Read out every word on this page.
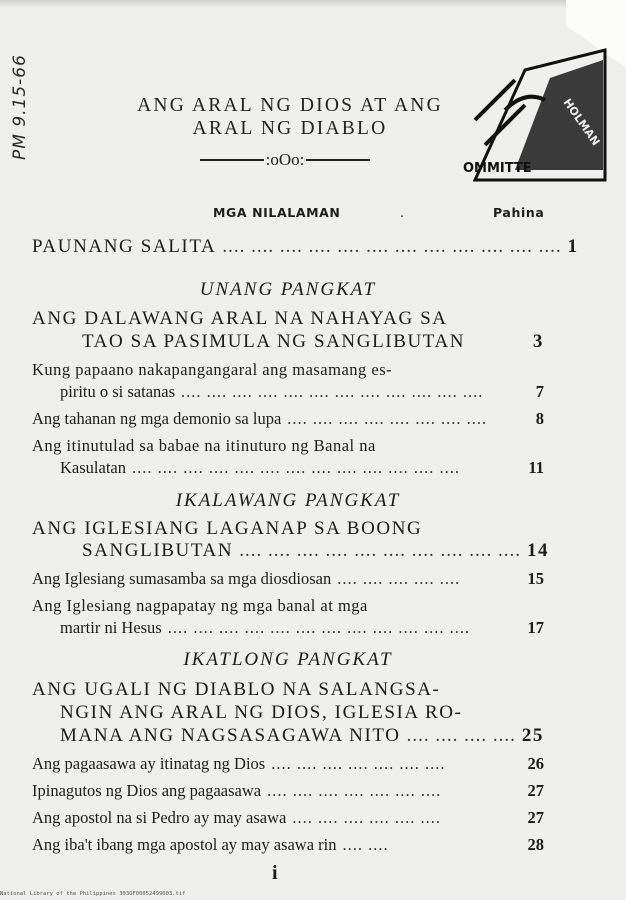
PM 9.15-66	ANG ARAL NG DIOS AT ANG
ARAL NG DIABLO
:oOo:
HOLMAN
OMMITTE
MGA NILALAMAN	.	Pahina
PAUNANG SALITA .... .... .... .... .... .... .... .... .... .... .... .... 1
UNANG PANGKAT
ANG DALAWANG ARAL NA NAHAYAG SA
TAO SA PASIMULA NG SANGLIBUTAN	3
Kung papaano nakapangangaral ang masamang es-
piritu o si satanas .... .... .... .... .... .... .... .... .... .... .... ....	7
Ang tahanan ng mga demonio sa lupa .... .... .... .... .... .... .... ....	8
Ang itinutulad sa babae na itinuturo ng Banal na
Kasulatan .... .... .... .... .... .... .... .... .... .... .... .... ....	11
IKALAWANG PANGKAT
ANG IGLESIANG LAGANAP SA BOONG
SANGLIBUTAN .... .... .... .... .... .... .... .... .... .... 14
Ang Iglesiang sumasamba sa mga diosdiosan .... .... .... .... ....	15
Ang Iglesiang nagpapatay ng mga banal at mga
martir ni Hesus .... .... .... .... .... .... .... .... .... .... .... ....	17
IKATLONG PANGKAT
ANG UGALI NG DIABLO NA SALANGSA-
NGIN ANG ARAL NG DIOS, IGLESIA RO-
MANA ANG NAGSASAGAWA NITO .... .... .... .... 25
Ang pagaasawa ay itinatag ng Dios .... .... .... .... .... .... ....	26
Ipinagutos ng Dios ang pagaasawa .... .... .... .... .... .... ....	27
Ang apostol na si Pedro ay may asawa .... .... .... .... .... ....	27
Ang iba't ibang mga apostol ay may asawa rin .... ....	28
i
National Library of the Philippines 303OF00052499003.tif
